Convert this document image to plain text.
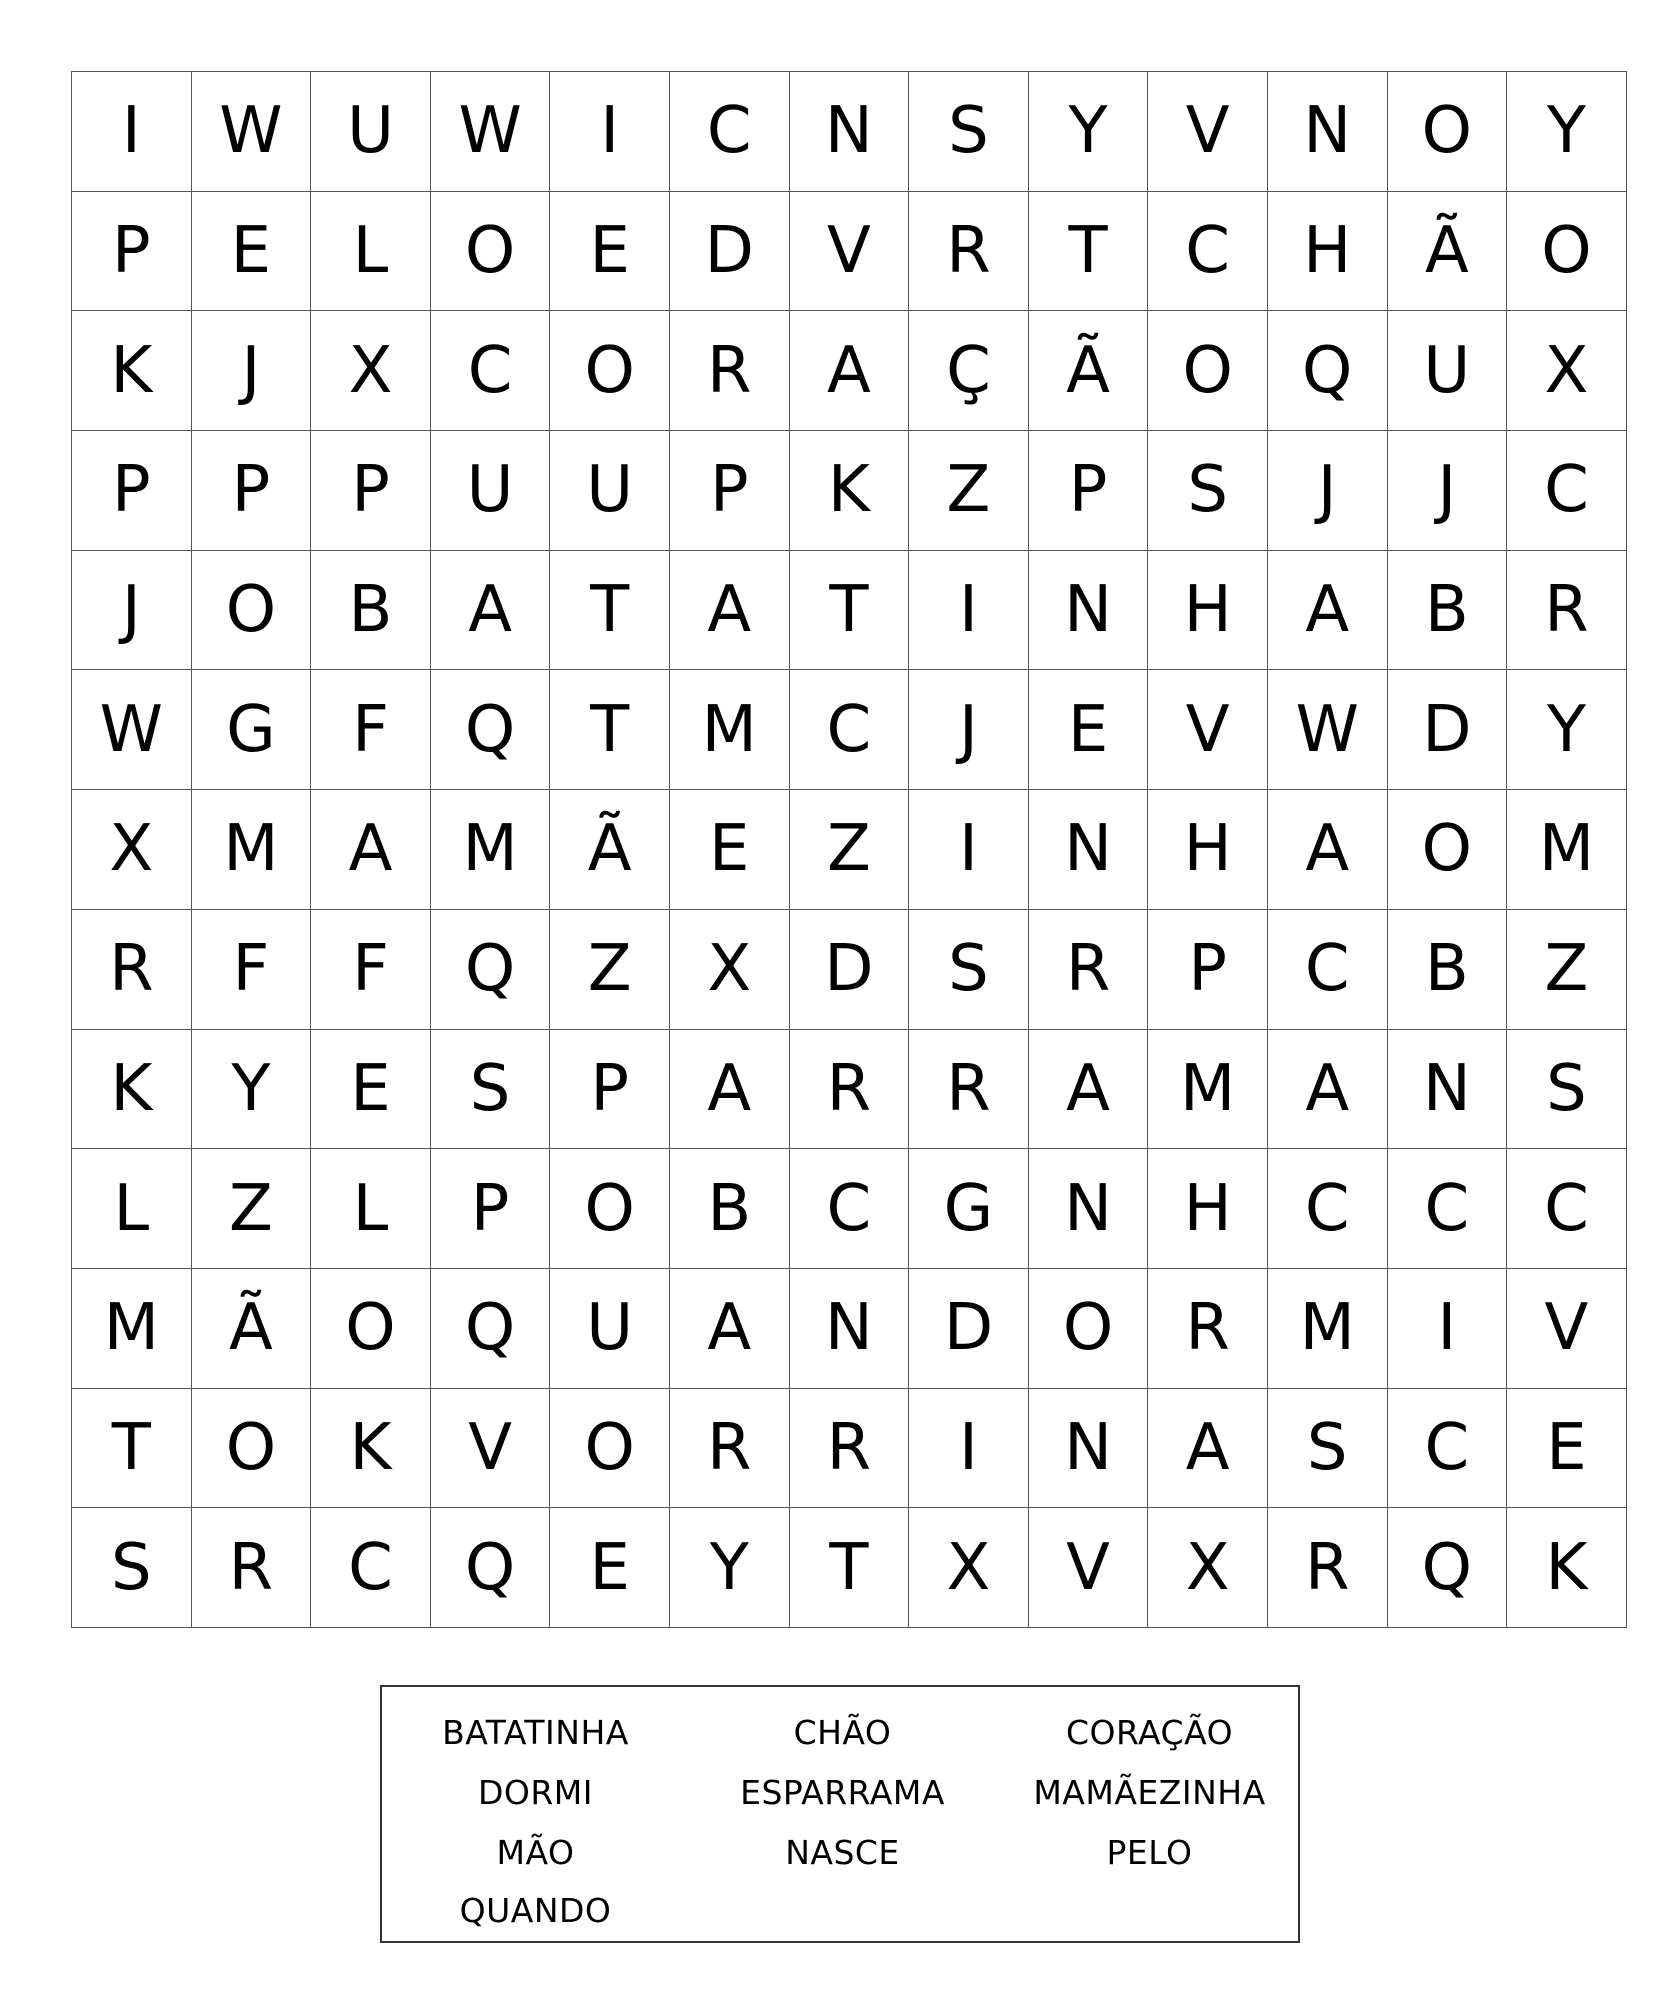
I	W	U	W	I	C	N	S	Y	V	N	O	Y
P	E	L	O	E	D	V	R	T	C	H	Ã	O
K	J	X	C	O	R	A	Ç	Ã	O	Q	U	X
P	P	P	U	U	P	K	Z	P	S	J	J	C
J	O	B	A	T	A	T	I	N	H	A	B	R
W	G	F	Q	T	M	C	J	E	V	W	D	Y
X	M	A	M	Ã	E	Z	I	N	H	A	O	M
R	F	F	Q	Z	X	D	S	R	P	C	B	Z
K	Y	E	S	P	A	R	R	A	M	A	N	S
L	Z	L	P	O	B	C	G	N	H	C	C	C
M	Ã	O	Q	U	A	N	D	O	R	M	I	V
T	O	K	V	O	R	R	I	N	A	S	C	E
S	R	C	Q	E	Y	T	X	V	X	R	Q	K
BATATINHA	CHÃO	CORAÇÃO
DORMI	ESPARRAMA	MAMÃEZINHA
MÃO	NASCE	PELO
QUANDO
